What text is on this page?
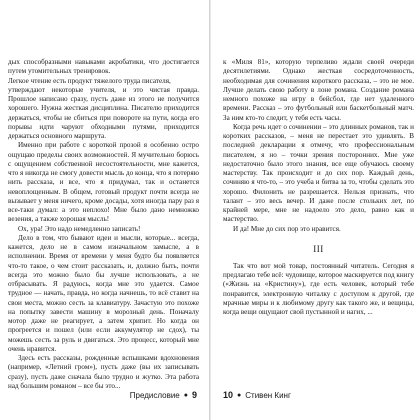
дых способразными навыками акробатики, что достигается путем утомительных тренировок.

Легкое чтение есть продукт тяжелого труда писателя,

утверждают некоторые учителя, и это чистая правда. Прошлое написано сразу, пусть даже из этого не получится хорошего. Нужна жесткая дисциплина. Писателю приходится держаться, чтобы не сбиться при повороте на пути, когда его порывы идти чаруют обходными путями, приходится держаться основного маршрута.

Именно при работе с короткой прозой я особенно остро ощущаю пределы своих возможностей. Я мучительно борюсь с ощущением собственной несостоятельности, мне кажется, что я никогда не смогу довести мысль до конца, что я потеряю нить рассказа, и все, что я придумал, так и останется невоплощенным. В общем, готовый продукт почти всегда не вызывает у меня ничего, кроме досады, хотя иногда пару раз я все-таки думал: а это неплохо! Мне было дано немножко везения, а также хорошая мысль!

Ох, ура! Это надо немедленно записать!

Дело в том, что бывают идеи и мысли, которые... всегда, кажется, дело не в самом изначальном замысле, а в исполнении. Время от времени у меня будто бы появляется что-то такое, о чем стоит рассказать, и, должно быть, почти всегда это можно было бы лучше использовать, а не отбрасывать. Я радуюсь, когда мне это удается. Самое трудное — начать, правда, но когда начнешь, то всё ставит на свои места, можно сесть за клавиатуру. Зачастую это похоже на попытку завести машину в морозный день. Поначалу мотор даже не реагирует, а затем хрипит. Но когда он прогреется и пошел (или если аккумулятор не сдох), ты можешь сесть за руль и двигаться. Это процесс, который мне очень нравится.

Здесь есть рассказы, рожденные вспышками вдохновения (например, «Летний гром»), пусть даже (вы их записывать сразу), пусть даже сначала было трудно и жутко. Эта работа над большим романом – все бы это...

Предисловие ● 9

к «Миля 81», которую терпеливо ждали своей очереди десятилетиями. Однако жесткая сосредоточенность, необходимая для сочинения короткого рассказа, – это не мое. Лучше делать свою работу в лоне романа. Создание романа немного похоже на игру в бейсбол, где нет удаленного времени. Рассказ – это футбольный или баскетбольный матч. За ним кто-то следит, у тебя есть часы.

Когда речь идет о сочинении – это длинных романов, так и коротких рассказов, – меня не перестает это удивлять. В последней декларации я отмечу, что профессиональным писателем, я но – точки зрения посторонних. Мне уже недостаточно было этого знания, все еще обучаюсь своему мастерству. Так происходит и до сих пор. Каждый день, сочиняю я что-то, – это учеба и битва за то, чтобы сделать это хорошо. Филонить не разрешается. Нельзя признать, что талант – это весь вечер. И даже после стольких лет, по крайней мере, мне не надоело это дело, равно как и мастерство.

И да! Мне до сих пор это нравится.

III

Так что вот мой товар, постоянный читатель. Сегодня я предлагаю тебе всё: чудовище, которое маскируется под книгу («Жизнь на «Кристину»), где есть человек, который тебе понравится, электронную читалку с доступом к другой, где мрачные миры и к любимому другу как такого же, и вещицы, когда вещи ощущают свой пустынной и нагих, ...

10 ● Стивен Кинг
